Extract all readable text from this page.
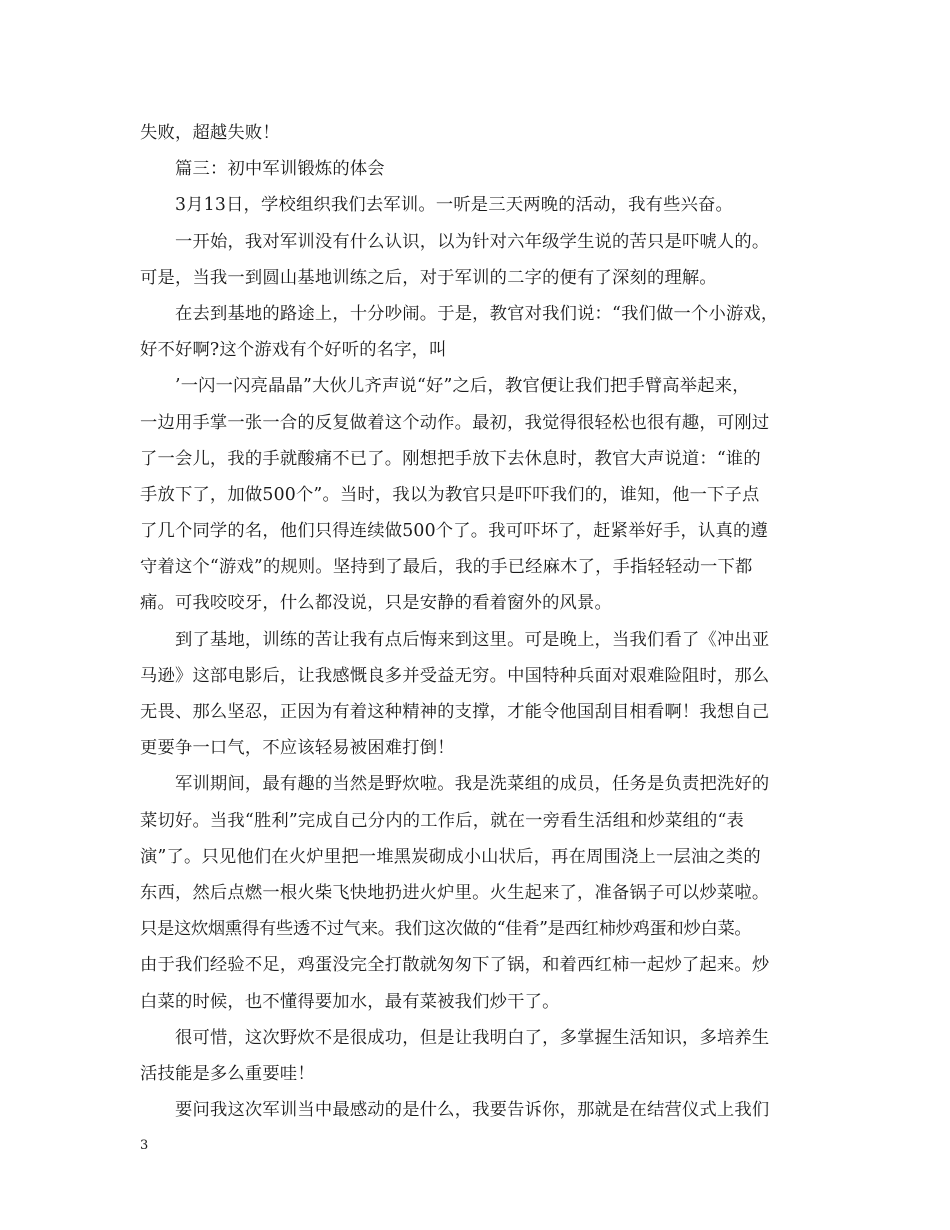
失败，超越失败！
篇三：初中军训锻炼的体会
3月13日，学校组织我们去军训。一听是三天两晚的活动，我有些兴奋。
一开始，我对军训没有什么认识，以为针对六年级学生说的苦只是吓唬人的。
可是，当我一到圆山基地训练之后，对于军训的二字的便有了深刻的理解。
在去到基地的路途上，十分吵闹。于是，教官对我们说：“我们做一个小游戏，
好不好啊?这个游戏有个好听的名字，叫
’一闪一闪亮晶晶”大伙儿齐声说“好”之后，教官便让我们把手臂高举起来，
一边用手掌一张一合的反复做着这个动作。最初，我觉得很轻松也很有趣，可刚过
了一会儿，我的手就酸痛不已了。刚想把手放下去休息时，教官大声说道：“谁的
手放下了，加做500个”。当时，我以为教官只是吓吓我们的，谁知，他一下子点
了几个同学的名，他们只得连续做500个了。我可吓坏了，赶紧举好手，认真的遵
守着这个“游戏”的规则。坚持到了最后，我的手已经麻木了，手指轻轻动一下都
痛。可我咬咬牙，什么都没说，只是安静的看着窗外的风景。
到了基地，训练的苦让我有点后悔来到这里。可是晚上，当我们看了《冲出亚
马逊》这部电影后，让我感慨良多并受益无穷。中国特种兵面对艰难险阻时，那么
无畏、那么坚忍，正因为有着这种精神的支撑，才能令他国刮目相看啊！我想自己
更要争一口气，不应该轻易被困难打倒！
军训期间，最有趣的当然是野炊啦。我是洗菜组的成员，任务是负责把洗好的
菜切好。当我“胜利”完成自己分内的工作后，就在一旁看生活组和炒菜组的“表
演”了。只见他们在火炉里把一堆黑炭砌成小山状后，再在周围浇上一层油之类的
东西，然后点燃一根火柴飞快地扔进火炉里。火生起来了，准备锅子可以炒菜啦。
只是这炊烟熏得有些透不过气来。我们这次做的“佳肴”是西红柿炒鸡蛋和炒白菜。
由于我们经验不足，鸡蛋没完全打散就匆匆下了锅，和着西红柿一起炒了起来。炒
白菜的时候，也不懂得要加水，最有菜被我们炒干了。
很可惜，这次野炊不是很成功，但是让我明白了，多掌握生活知识，多培养生
活技能是多么重要哇！
要问我这次军训当中最感动的是什么，我要告诉你，那就是在结营仪式上我们
3
